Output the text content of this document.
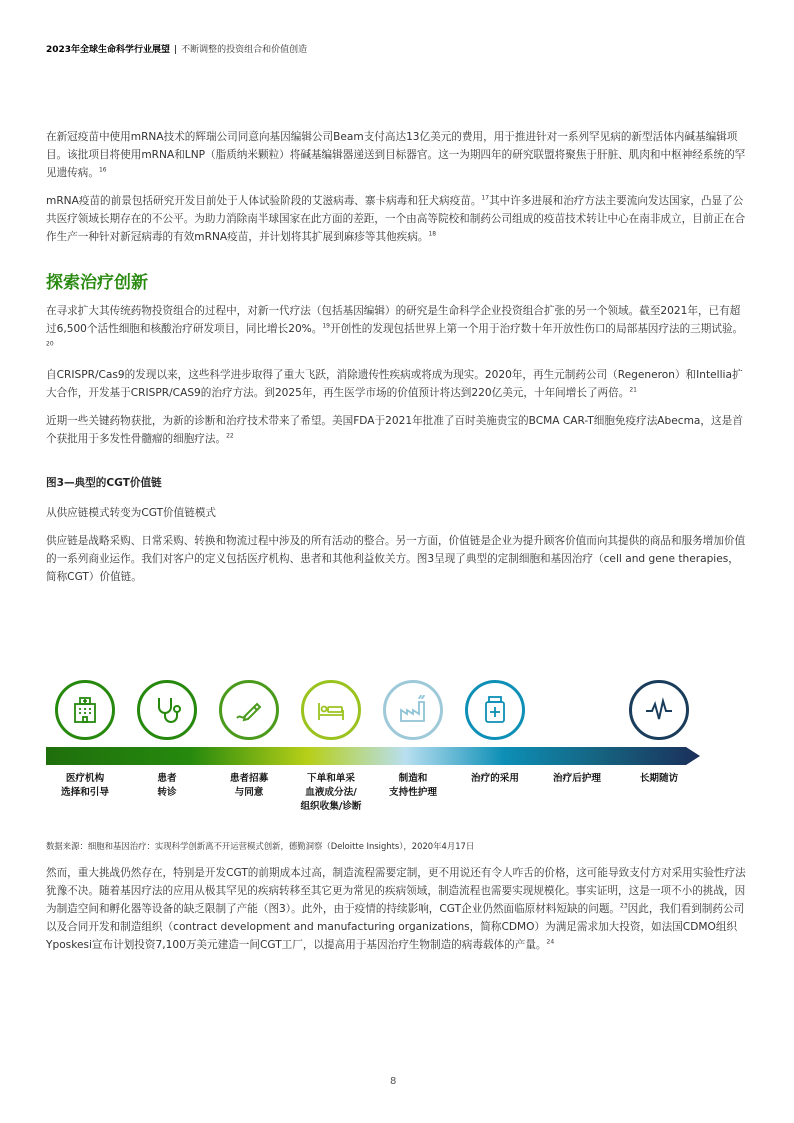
2023年全球生命科学行业展望 | 不断调整的投资组合和价值创造

在新冠疫苗中使用mRNA技术的辉瑞公司同意向基因编辑公司Beam支付高达13亿美元的费用，用于推进针对一系列罕见病的新型活体内碱基编辑项目。该批项目将使用mRNA和LNP（脂质纳米颗粒）将碱基编辑器递送到目标器官。这一为期四年的研究联盟将聚焦于肝脏、肌肉和中枢神经系统的罕见遗传病。$^{16}$

mRNA疫苗的前景包括研究开发目前处于人体试验阶段的艾滋病毒、寨卡病毒和狂犬病疫苗。$^{17}$其中许多进展和治疗方法主要流向发达国家，凸显了公共医疗领域长期存在的不公平。为助力消除南半球国家在此方面的差距，一个由高等院校和制药公司组成的疫苗技术转让中心在南非成立，目前正在合作生产一种针对新冠病毒的有效mRNA疫苗，并计划将其扩展到麻疹等其他疾病。$^{18}$

探索治疗创新

在寻求扩大其传统药物投资组合的过程中，对新一代疗法（包括基因编辑）的研究是生命科学企业投资组合扩张的另一个领域。截至2021年，已有超过6,500个活性细胞和核酸治疗研发项目，同比增长20%。$^{19}$开创性的发现包括世界上第一个用于治疗数十年开放性伤口的局部基因疗法的三期试验。$^{20}$

自CRISPR/Cas9的发现以来，这些科学进步取得了重大飞跃，消除遗传性疾病或将成为现实。2020年，再生元制药公司（Regeneron）和Intellia扩大合作，开发基于CRISPR/CAS9的治疗方法。到2025年，再生医学市场的价值预计将达到220亿美元，十年间增长了两倍。$^{21}$

近期一些关键药物获批，为新的诊断和治疗技术带来了希望。美国FDA于2021年批准了百时美施贵宝的BCMA CAR-T细胞免疫疗法Abecma，这是首个获批用于多发性骨髓瘤的细胞疗法。$^{22}$

图3—典型的CGT价值链

从供应链模式转变为CGT价值链模式

供应链是战略采购、日常采购、转换和物流过程中涉及的所有活动的整合。另一方面，价值链是企业为提升顾客价值而向其提供的商品和服务增加价值的一系列商业运作。我们对客户的定义包括医疗机构、患者和其他利益攸关方。图3呈现了典型的定制细胞和基因治疗（cell and gene therapies，简称CGT）价值链。

医疗机构
选择和引导
患者
转诊
患者招募
与同意
下单和单采
血液成分法/
组织收集/诊断
制造和
支持性护理
治疗的采用	治疗后护理	长期随访
数据来源：细胞和基因治疗：实现科学创新离不开运营模式创新，德勤洞察（Deloitte Insights），2020年4月17日

然而，重大挑战仍然存在，特别是开发CGT的前期成本过高，制造流程需要定制，更不用说还有令人咋舌的价格，这可能导致支付方对采用实验性疗法犹豫不决。随着基因疗法的应用从极其罕见的疾病转移至其它更为常见的疾病领域，制造流程也需要实现规模化。事实证明，这是一项不小的挑战，因为制造空间和孵化器等设备的缺乏限制了产能（图3）。此外，由于疫情的持续影响，CGT企业仍然面临原材料短缺的问题。$^{23}$因此，我们看到制药公司以及合同开发和制造组织（contract development and manufacturing organizations，简称CDMO）为满足需求加大投资，如法国CDMO组织Yposkesi宣布计划投资7,100万美元建造一间CGT工厂，以提高用于基因治疗生物制造的病毒载体的产量。$^{24}$

8
